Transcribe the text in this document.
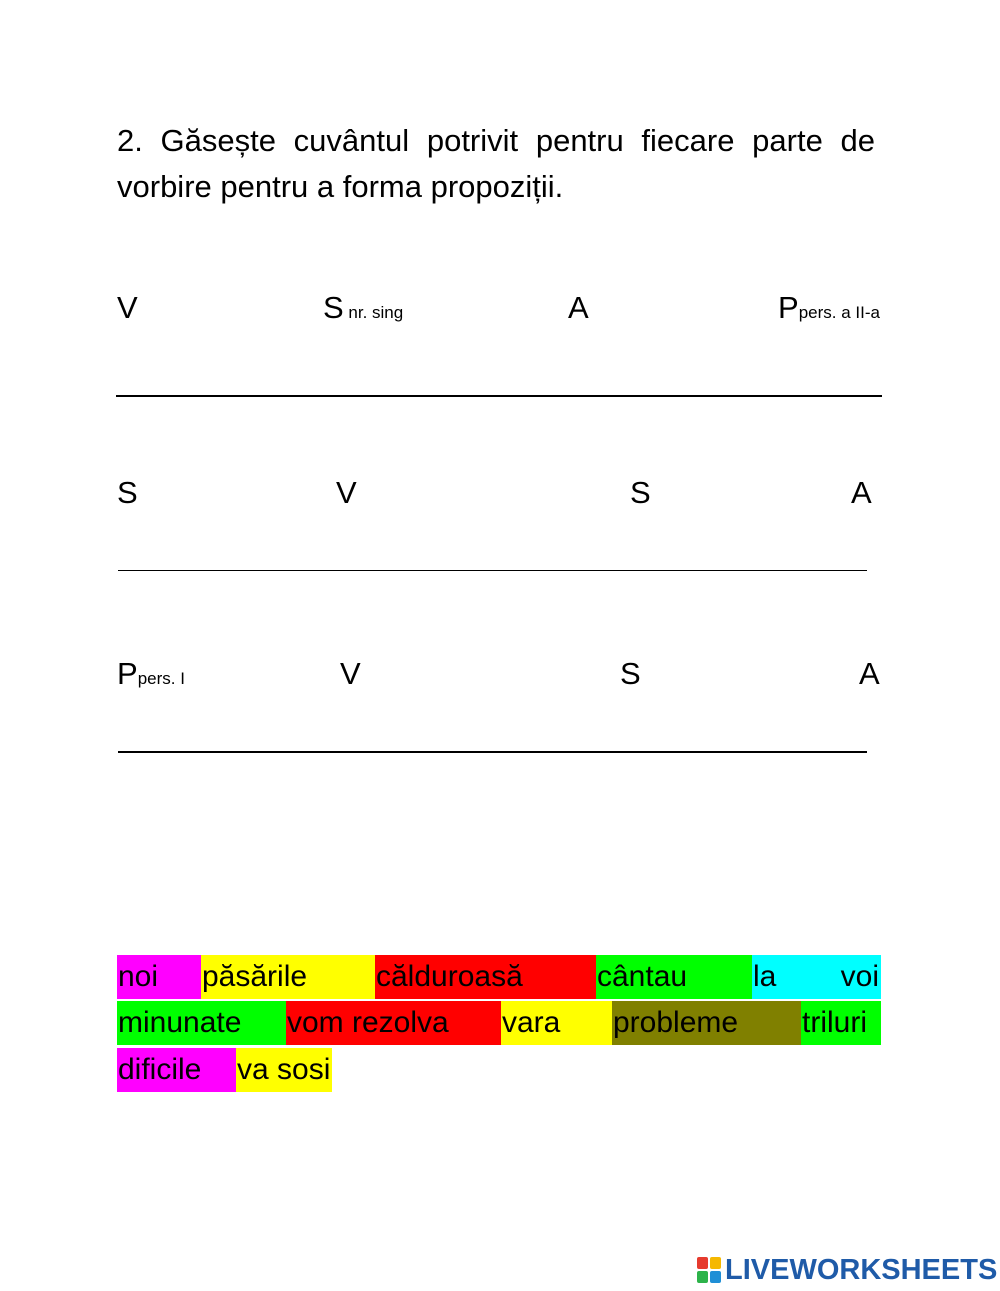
2. Găsește cuvântul potrivit pentru fiecare parte de vorbire pentru a forma propoziții.

V	S nr. sing	A	Ppers. a II-a
S	V	S	A
Ppers. I	V	S	A
noi	păsările	călduroasă	cântau	la	voi
minunate	vom rezolva	vara	probleme	triluri
dificile	va sosi
LIVEWORKSHEETS
